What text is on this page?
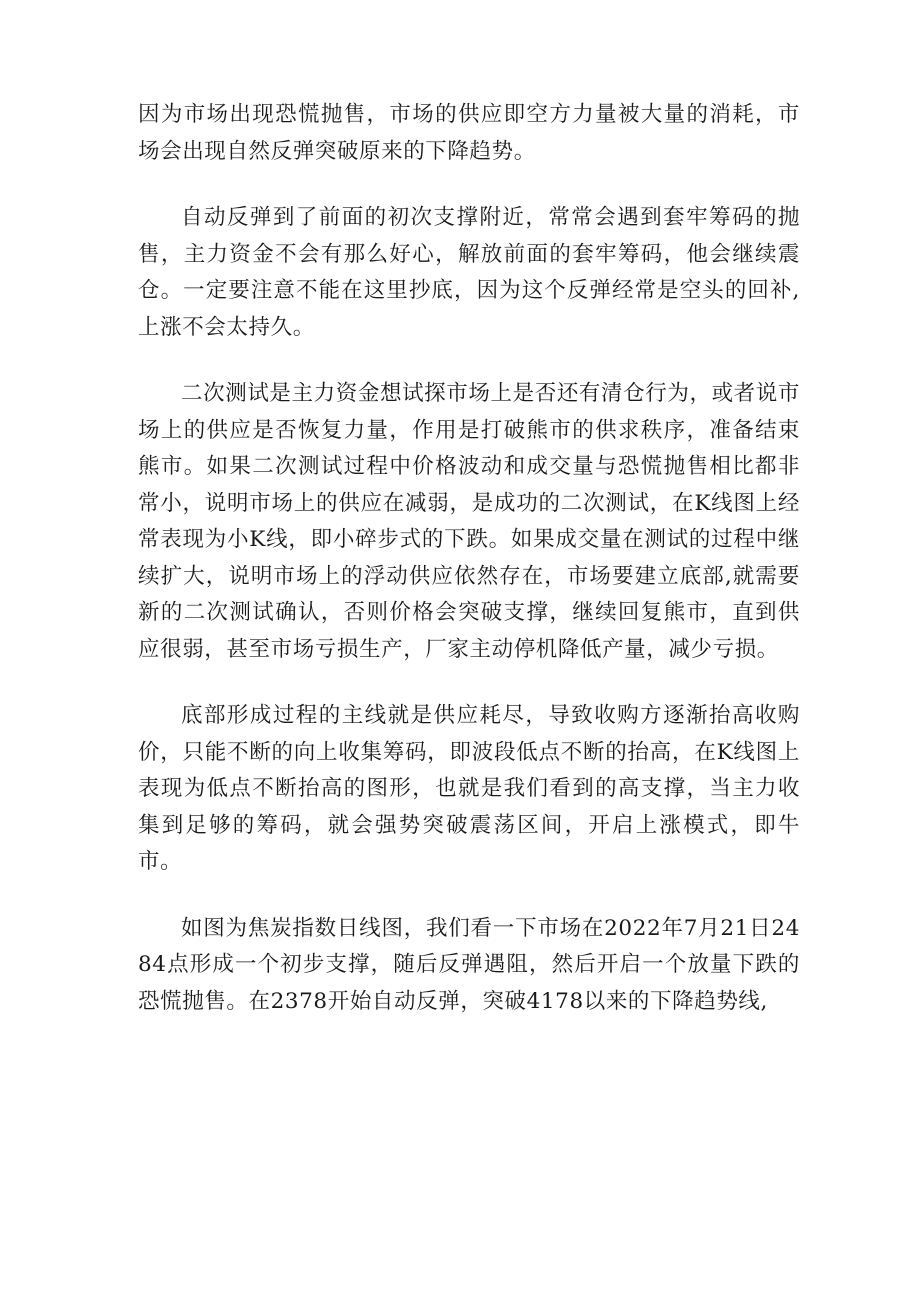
因为市场出现恐慌抛售，市场的供应即空方力量被大量的消耗，市场会出现自然反弹突破原来的下降趋势。

自动反弹到了前面的初次支撑附近，常常会遇到套牢筹码的抛售，主力资金不会有那么好心，解放前面的套牢筹码，他会继续震仓。一定要注意不能在这里抄底，因为这个反弹经常是空头的回补,上涨不会太持久。

二次测试是主力资金想试探市场上是否还有清仓行为，或者说市场上的供应是否恢复力量，作用是打破熊市的供求秩序，准备结束熊市。如果二次测试过程中价格波动和成交量与恐慌抛售相比都非常小，说明市场上的供应在减弱，是成功的二次测试，在K线图上经常表现为小K线，即小碎步式的下跌。如果成交量在测试的过程中继续扩大，说明市场上的浮动供应依然存在，市场要建立底部,就需要新的二次测试确认，否则价格会突破支撑，继续回复熊市，直到供应很弱，甚至市场亏损生产，厂家主动停机降低产量，减少亏损。

底部形成过程的主线就是供应耗尽，导致收购方逐渐抬高收购价，只能不断的向上收集筹码，即波段低点不断的抬高，在K线图上表现为低点不断抬高的图形，也就是我们看到的高支撑，当主力收集到足够的筹码，就会强势突破震荡区间，开启上涨模式，即牛市。

如图为焦炭指数日线图，我们看一下市场在2022年7月21日2484点形成一个初步支撑，随后反弹遇阻，然后开启一个放量下跌的恐慌抛售。在2378开始自动反弹，突破4178以来的下降趋势线,
